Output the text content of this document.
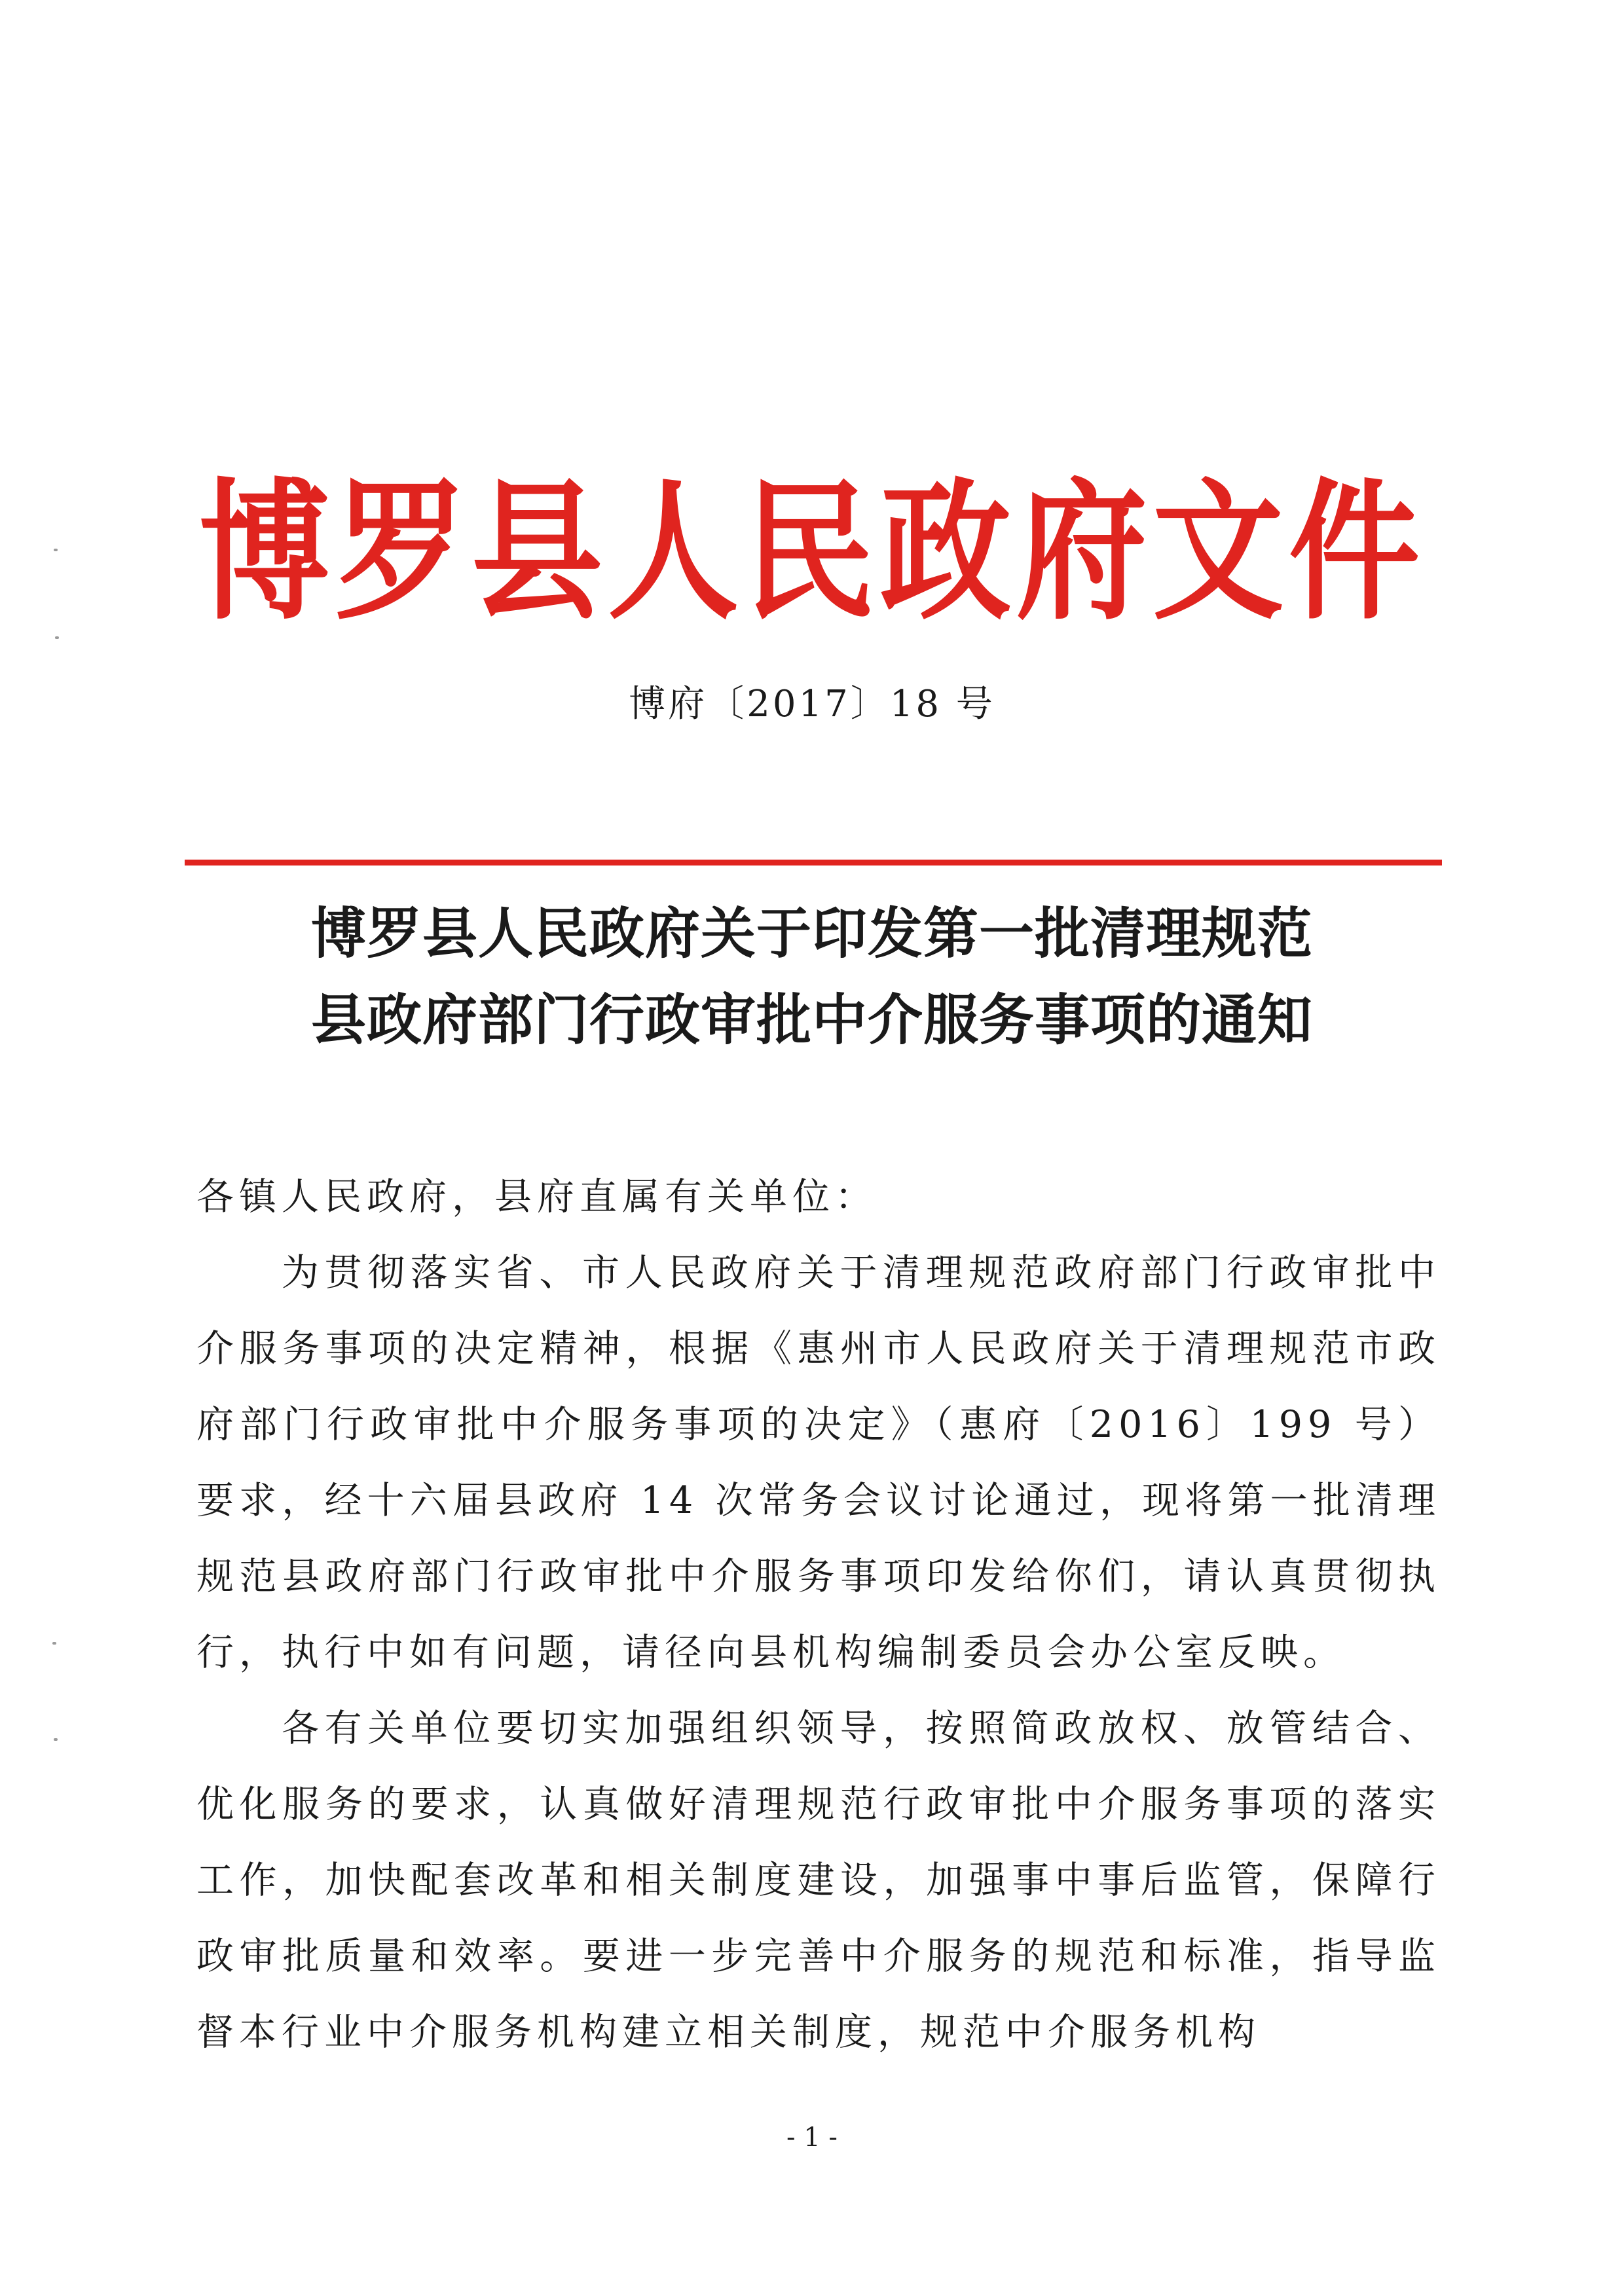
博罗县人民政府文件
博府〔2017〕18 号
博罗县人民政府关于印发第一批清理规范
县政府部门行政审批中介服务事项的通知

各镇人民政府，县府直属有关单位：

为贯彻落实省、市人民政府关于清理规范政府部门行政审批中介服务事项的决定精神，根据《惠州市人民政府关于清理规范市政府部门行政审批中介服务事项的决定》（惠府〔2016〕199 号）要求，经十六届县政府 14 次常务会议讨论通过，现将第一批清理规范县政府部门行政审批中介服务事项印发给你们，请认真贯彻执行，执行中如有问题，请径向县机构编制委员会办公室反映。

各有关单位要切实加强组织领导，按照简政放权、放管结合、优化服务的要求，认真做好清理规范行政审批中介服务事项的落实工作，加快配套改革和相关制度建设，加强事中事后监管，保障行政审批质量和效率。要进一步完善中介服务的规范和标准，指导监督本行业中介服务机构建立相关制度，规范中介服务机构

- 1 -
